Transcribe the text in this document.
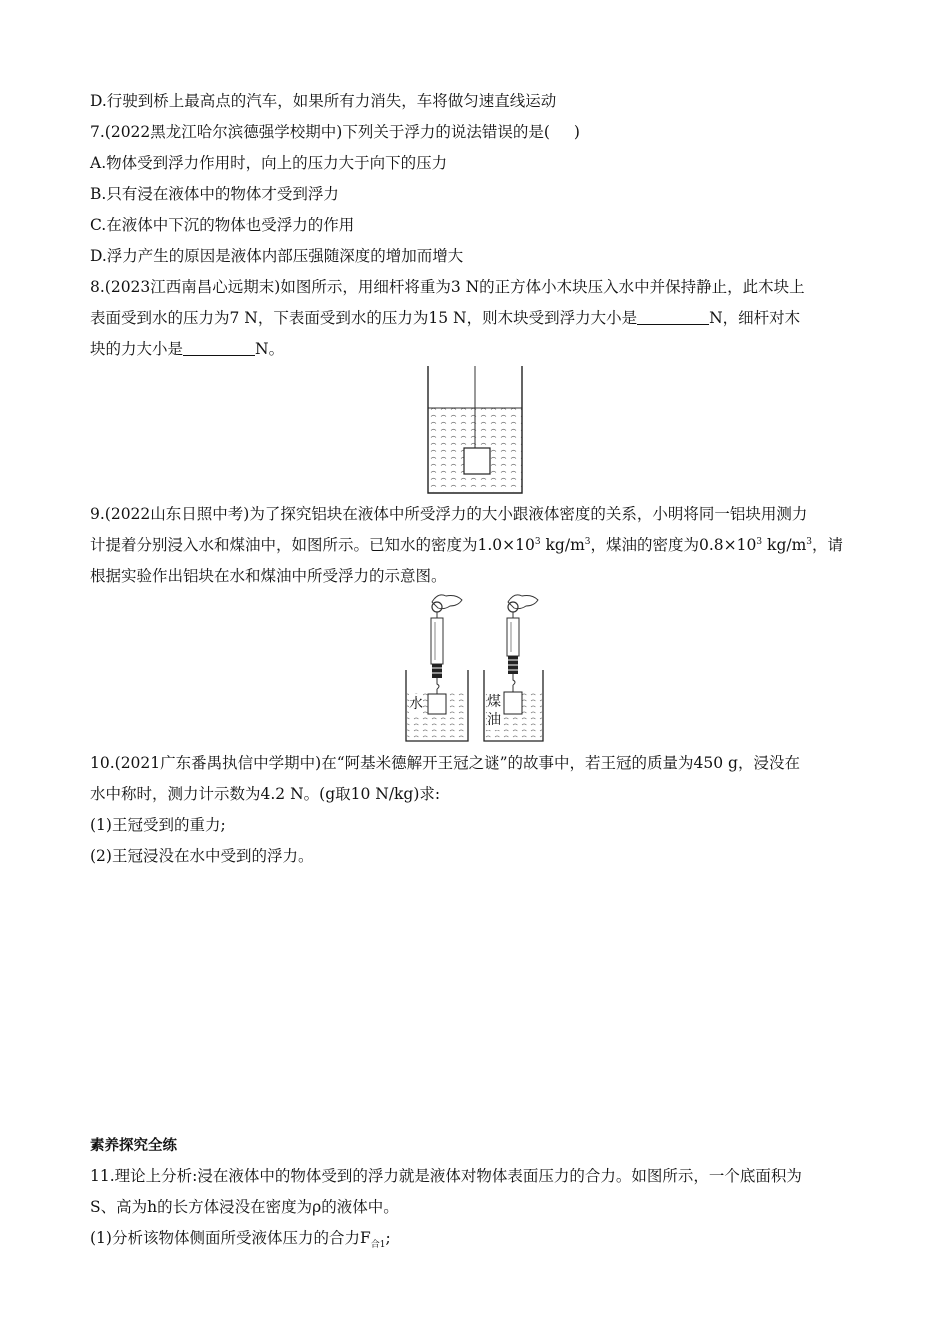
D.行驶到桥上最高点的汽车，如果所有力消失，车将做匀速直线运动
7.(2022黑龙江哈尔滨德强学校期中)下列关于浮力的说法错误的是( )
A.物体受到浮力作用时，向上的压力大于向下的压力
B.只有浸在液体中的物体才受到浮力
C.在液体中下沉的物体也受浮力的作用
D.浮力产生的原因是液体内部压强随深度的增加而增大
8.(2023江西南昌心远期末)如图所示，用细杆将重为3 N的正方体小木块压入水中并保持静止，此木块上
表面受到水的压力为7 N，下表面受到水的压力为15 N，则木块受到浮力大小是	N，细杆对木
块的力大小是	N。
9.(2022山东日照中考)为了探究铝块在液体中所受浮力的大小跟液体密度的关系，小明将同一铝块用测力
计提着分别浸入水和煤油中，如图所示。已知水的密度为$1.0\times 10^3$ $kg/m^3$，煤油的密度为$0.8\times 10^3$ $kg/m^3$，请
根据实验作出铝块在水和煤油中所受浮力的示意图。
水	煤
油
10.(2021广东番禺执信中学期中)在“阿基米德解开王冠之谜”的故事中，若王冠的质量为450 g，浸没在
水中称时，测力计示数为4.2 N。(g取10 N/kg)求:
(1)王冠受到的重力;
(2)王冠浸没在水中受到的浮力。
素养探究全练
11.理论上分析:浸在液体中的物体受到的浮力就是液体对物体表面压力的合力。如图所示，一个底面积为
S、高为h的长方体浸没在密度为ρ的液体中。
(1)分析该物体侧面所受液体压力的合力$F_{合1}$;
